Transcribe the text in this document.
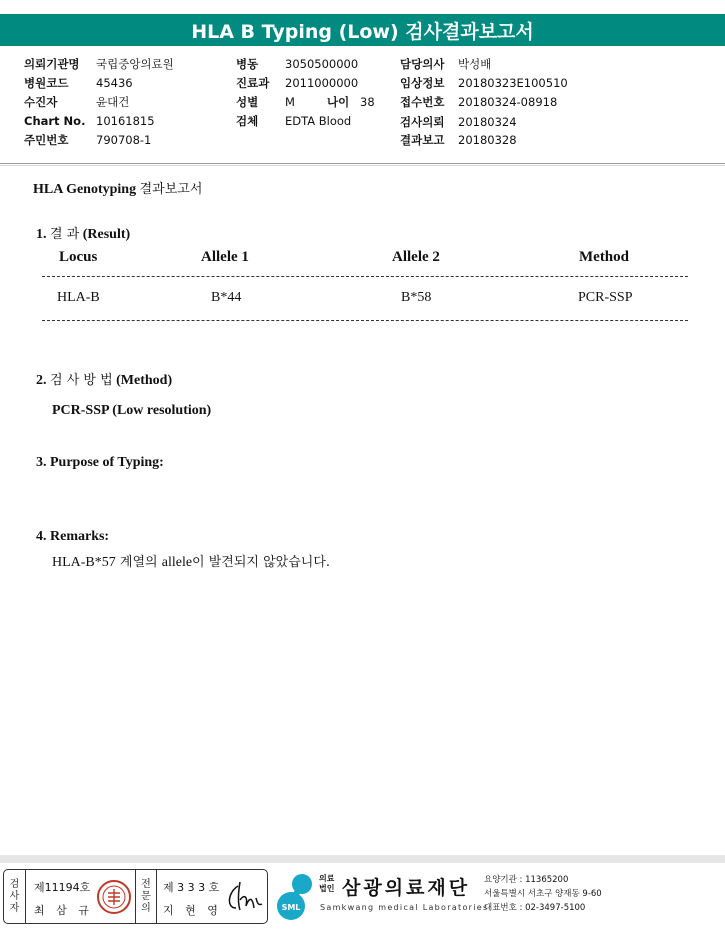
HLA B Typing (Low) 검사결과보고서
의뢰기관명 국립중앙의료원
병원코드 45436
수진자	윤대건
Chart No. 10161815
주민번호 790708-1
병동 3050500000
진료과 2011000000
성별 M	나이 38
검체 EDTA Blood
담당의사 박성배
임상정보 20180323E100510
접수번호 20180324-08918
검사의뢰 20180324
결과보고 20180328
HLA Genotyping 결과보고서
1. 결 과 (Result)
Locus	Allele 1	Allele 2	Method
HLA-B	B*44	B*58	PCR-SSP
2. 검 사 방 법 (Method)
PCR-SSP (Low resolution)
3. Purpose of Typing:
4. Remarks:
HLA-B*57 계열의 allele이 발견되지 않았습니다.
검사자
제11194호
최 삼 규
전문의
제 3 3 3 호
지 현 영	SML
의료법인 삼광의료재단
Samkwang medical Laboratories
요양기관 : 11365200
서울특별시 서초구 양재동 9-60
대표번호 : 02-3497-5100
